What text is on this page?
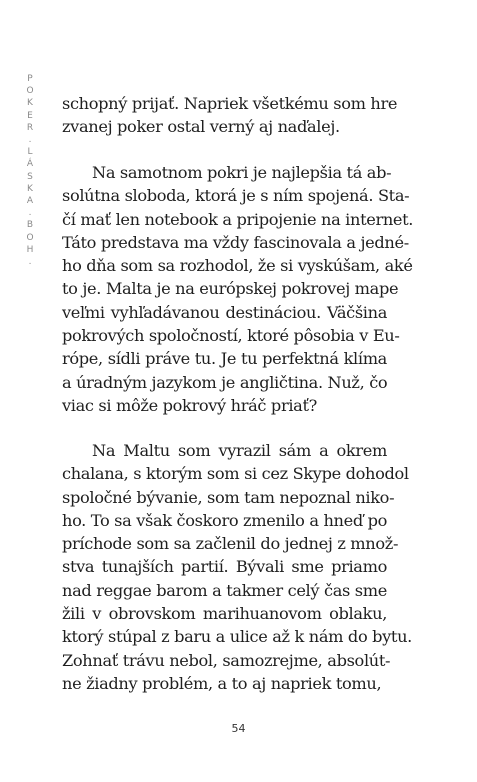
P
O
K
E
R
.
L
Á
S
K
A
.
B
O
H
.

schopný prijať. Napriek všetkému som hre
zvanej poker ostal verný aj naďalej.

Na samotnom pokri je najlepšia tá ab-
solútna sloboda, ktorá je s ním spojená. Sta-
čí mať len notebook a pripojenie na internet.
Táto predstava ma vždy fascinovala a jedné-
ho dňa som sa rozhodol, že si vyskúšam, aké
to je. Malta je na európskej pokrovej mape
veľmi vyhľadávanou destináciou. Väčšina
pokrových spoločností, ktoré pôsobia v Eu-
rópe, sídli práve tu. Je tu perfektná klíma
a úradným jazykom je angličtina. Nuž, čo
viac si môže pokrový hráč priať?

Na Maltu som vyrazil sám a okrem
chalana, s ktorým som si cez Skype dohodol
spoločné bývanie, som tam nepoznal niko-
ho. To sa však čoskoro zmenilo a hneď po
príchode som sa začlenil do jednej z množ-
stva tunajších partií. Bývali sme priamo
nad reggae barom a takmer celý čas sme
žili v obrovskom marihuanovom oblaku,
ktorý stúpal z baru a ulice až k nám do bytu.
Zohnať trávu nebol, samozrejme, absolút-
ne žiadny problém, a to aj napriek tomu,

54
